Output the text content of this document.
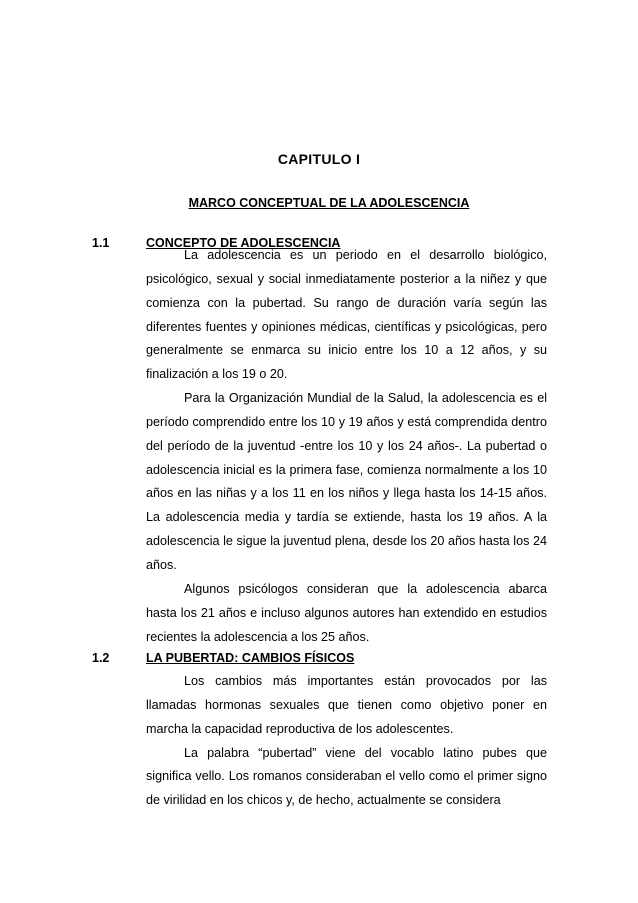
CAPITULO I
MARCO CONCEPTUAL DE LA ADOLESCENCIA
1.1	CONCEPTO DE ADOLESCENCIA

La adolescencia es un periodo en el desarrollo biológico, psicológico, sexual y social inmediatamente posterior a la niñez y que comienza con la pubertad. Su rango de duración varía según las diferentes fuentes y opiniones médicas, científicas y psicológicas, pero generalmente se enmarca su inicio entre los 10 a 12 años, y su finalización a los 19 o 20.

Para la Organización Mundial de la Salud, la adolescencia es el período comprendido entre los 10 y 19 años y está comprendida dentro del período de la juventud -entre los 10 y los 24 años-. La pubertad o adolescencia inicial es la primera fase, comienza normalmente a los 10 años en las niñas y a los 11 en los niños y llega hasta los 14-15 años. La adolescencia media y tardía se extiende, hasta los 19 años. A la adolescencia le sigue la juventud plena, desde los 20 años hasta los 24 años.

Algunos psicólogos consideran que la adolescencia abarca hasta los 21 años e incluso algunos autores han extendido en estudios recientes la adolescencia a los 25 años.

1.2	LA PUBERTAD: CAMBIOS FÍSICOS

Los cambios más importantes están provocados por las llamadas hormonas sexuales que tienen como objetivo poner en marcha la capacidad reproductiva de los adolescentes.

La palabra “pubertad” viene del vocablo latino pubes que significa vello. Los romanos consideraban el vello como el primer signo de virilidad en los chicos y, de hecho, actualmente se considera
